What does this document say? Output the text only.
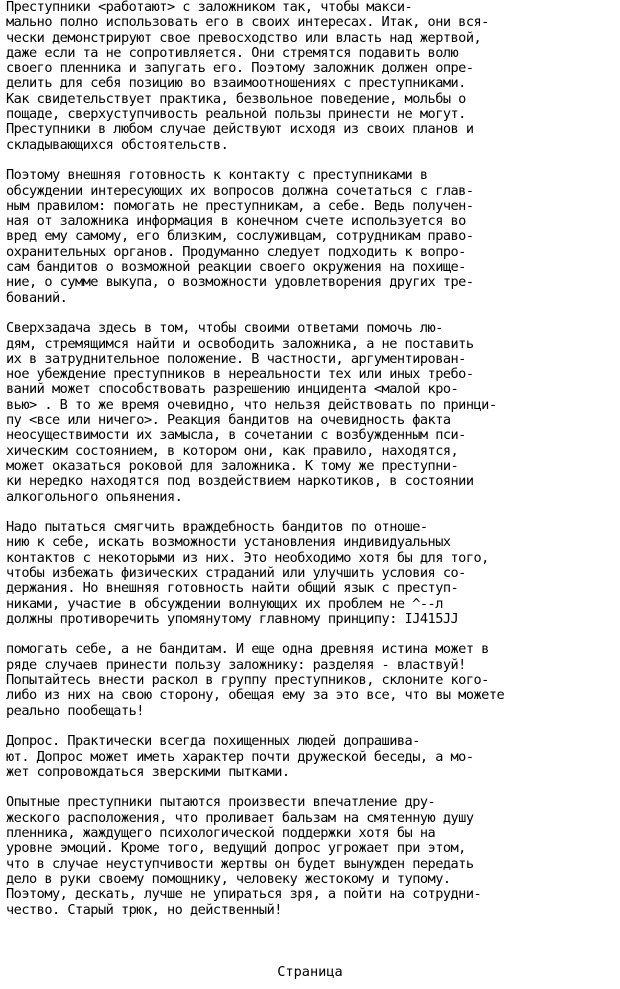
Преступники <работают> с заложником так, чтобы макси-
мально полно использовать его в своих интересах. Итак, они вся-
чески демонстрируют свое превосходство или власть над жертвой,
даже если та не сопротивляется. Они стремятся подавить волю
своего пленника и запугать его. Поэтому заложник должен опре-
делить для себя позицию во взаимоотношениях с преступниками.
Как свидетельствует практика, безвольное поведение, мольбы о
пощаде, сверхуступчивость реальной пользы принести не могут.
Преступники в любом случае действуют исходя из своих планов и
складывающихся обстоятельств.
Поэтому внешняя готовность к контакту с преступниками в
обсуждении интересующих их вопросов должна сочетаться с глав-
ным правилом: помогать не преступникам, а себе. Ведь получен-
ная от заложника информация в конечном счете используется во
вред ему самому, его близким, сослуживцам, сотрудникам право-
охранительных органов. Продуманно следует подходить к вопро-
сам бандитов о возможной реакции своего окружения на похище-
ние, о сумме выкупа, о возможности удовлетворения других тре-
бований.
Сверхзадача здесь в том, чтобы своими ответами помочь лю-
дям, стремящимся найти и освободить заложника, а не поставить
их в затруднительное положение. В частности, аргументирован-
ное убеждение преступников в нереальности тех или иных требо-
ваний может способствовать разрешению инцидента <малой кро-
вью> . В то же время очевидно, что нельзя действовать по принци-
пу <все или ничего>. Реакция бандитов на очевидность факта
неосуществимости их замысла, в сочетании с возбужденным пси-
хическим состоянием, в котором они, как правило, находятся,
может оказаться роковой для заложника. К тому же преступни-
ки нередко находятся под воздействием наркотиков, в состоянии
алкогольного опьянения.
Надо пытаться смягчить враждебность бандитов по отноше-
нию к себе, искать возможности установления индивидуальных
контактов с некоторыми из них. Это необходимо хотя бы для того,
чтобы избежать физических страданий или улучшить условия со-
держания. Но внешняя готовность найти общий язык с преступ-
никами, участие в обсуждении волнующих их проблем не ^--л
должны противоречить упомянутому главному принципу: IJ415JJ
помогать себе, а не бандитам. И еще одна древняя истина может в
ряде случаев принести пользу заложнику: разделяя - властвуй!
Попытайтесь внести раскол в группу преступников, склоните кого-
либо из них на свою сторону, обещая ему за это все, что вы можете
реально пообещать!
Допрос. Практически всегда похищенных людей допрашива-
ют. Допрос может иметь характер почти дружеской беседы, а мо-
жет сопровождаться зверскими пытками.
Опытные преступники пытаются произвести впечатление дру-
жеского расположения, что проливает бальзам на смятенную душу
пленника, жаждущего психологической поддержки хотя бы на
уровне эмоций. Кроме того, ведущий допрос угрожает при этом,
что в случае неуступчивости жертвы он будет вынужден передать
дело в руки своему помощнику, человеку жестокому и тупому.
Поэтому, дескать, лучше не упираться зря, а пойти на сотрудни-
чество. Старый трюк, но действенный!
Страница
